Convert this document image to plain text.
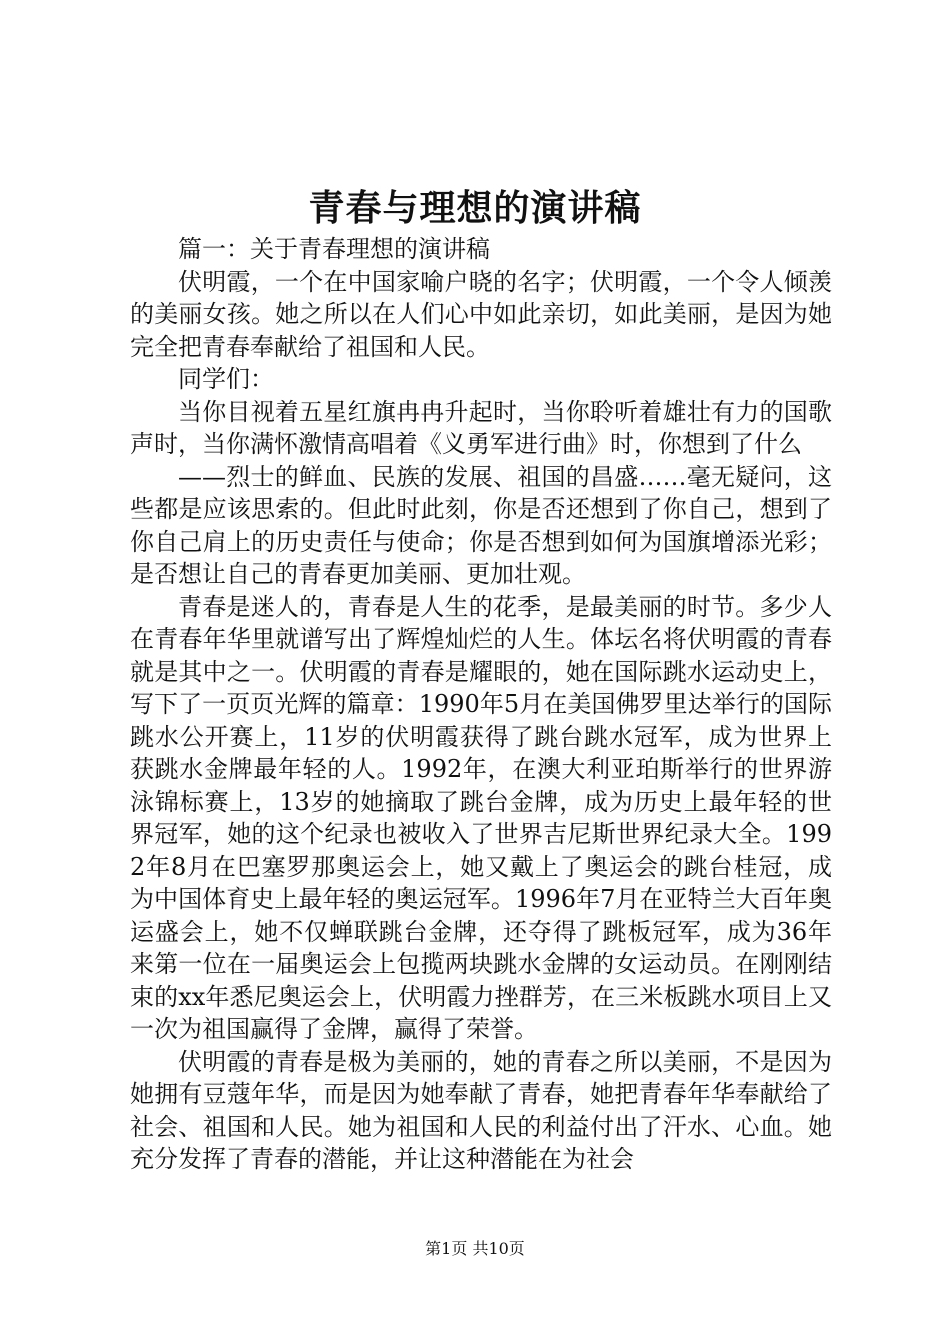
青春与理想的演讲稿

篇一：关于青春理想的演讲稿

伏明霞，一个在中国家喻户晓的名字；伏明霞，一个令人倾羡的美丽女孩。她之所以在人们心中如此亲切，如此美丽，是因为她完全把青春奉献给了祖国和人民。

同学们：

当你目视着五星红旗冉冉升起时，当你聆听着雄壮有力的国歌声时，当你满怀激情高唱着《义勇军进行曲》时，你想到了什么

——烈士的鲜血、民族的发展、祖国的昌盛……毫无疑问，这些都是应该思索的。但此时此刻，你是否还想到了你自己，想到了你自己肩上的历史责任与使命；你是否想到如何为国旗增添光彩；是否想让自己的青春更加美丽、更加壮观。

青春是迷人的，青春是人生的花季，是最美丽的时节。多少人在青春年华里就谱写出了辉煌灿烂的人生。体坛名将伏明霞的青春就是其中之一。伏明霞的青春是耀眼的，她在国际跳水运动史上，写下了一页页光辉的篇章：1990年5月在美国佛罗里达举行的国际跳水公开赛上，11岁的伏明霞获得了跳台跳水冠军，成为世界上获跳水金牌最年轻的人。1992年，在澳大利亚珀斯举行的世界游泳锦标赛上，13岁的她摘取了跳台金牌，成为历史上最年轻的世界冠军，她的这个纪录也被收入了世界吉尼斯世界纪录大全。1992年8月在巴塞罗那奥运会上，她又戴上了奥运会的跳台桂冠，成为中国体育史上最年轻的奥运冠军。1996年7月在亚特兰大百年奥运盛会上，她不仅蝉联跳台金牌，还夺得了跳板冠军，成为36年来第一位在一届奥运会上包揽两块跳水金牌的女运动员。在刚刚结束的xx年悉尼奥运会上，伏明霞力挫群芳，在三米板跳水项目上又一次为祖国赢得了金牌，赢得了荣誉。

伏明霞的青春是极为美丽的，她的青春之所以美丽，不是因为她拥有豆蔻年华，而是因为她奉献了青春，她把青春年华奉献给了社会、祖国和人民。她为祖国和人民的利益付出了汗水、心血。她充分发挥了青春的潜能，并让这种潜能在为社会

第1页 共10页
